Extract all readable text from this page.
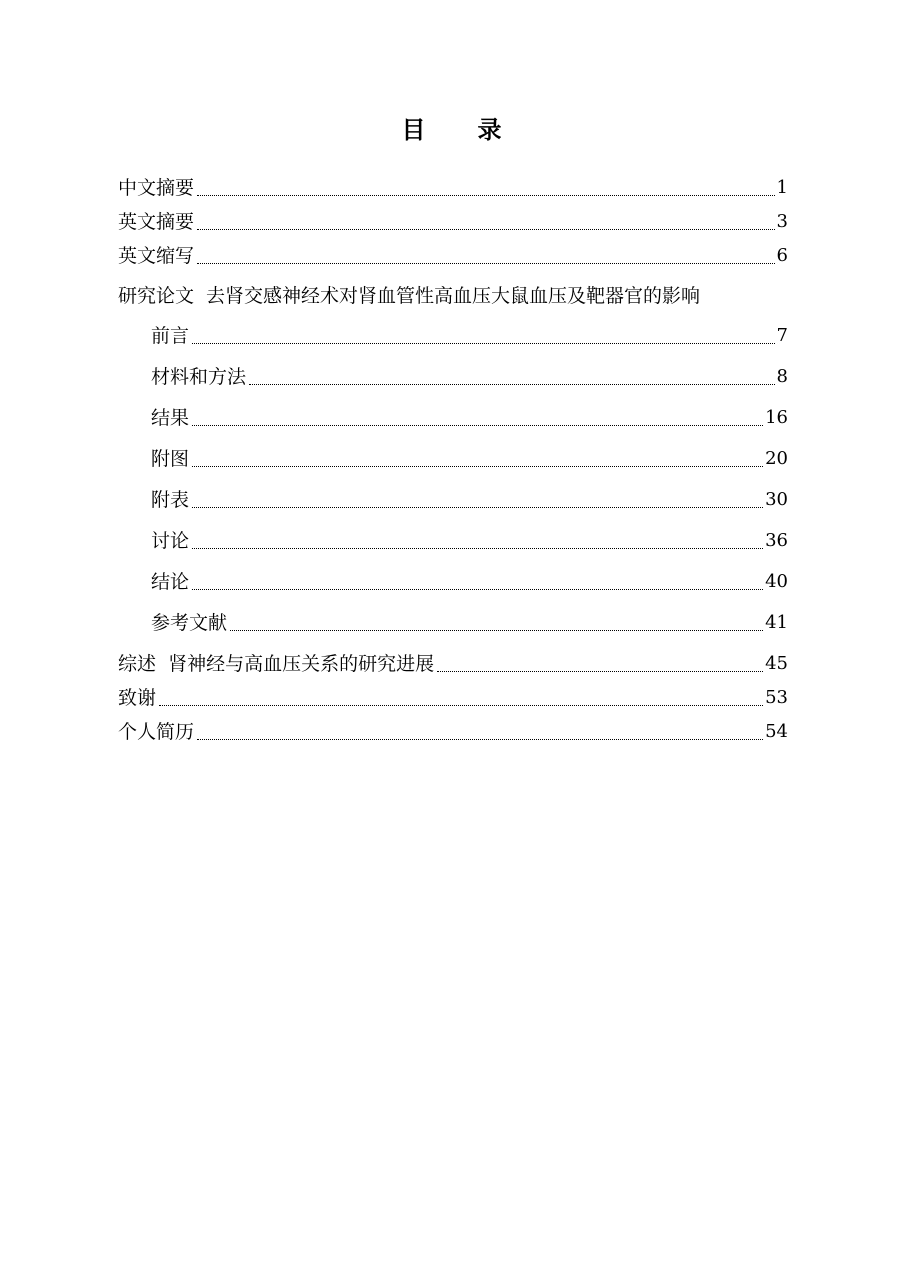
目 录
中文摘要	1
英文摘要	3
英文缩写	6
研究论文 去肾交感神经术对肾血管性高血压大鼠血压及靶器官的影响
前言	7
材料和方法	8
结果	16
附图	20
附表	30
讨论	36
结论	40
参考文献	41
综述  肾神经与高血压关系的研究进展	45
致谢	53
个人简历	54
